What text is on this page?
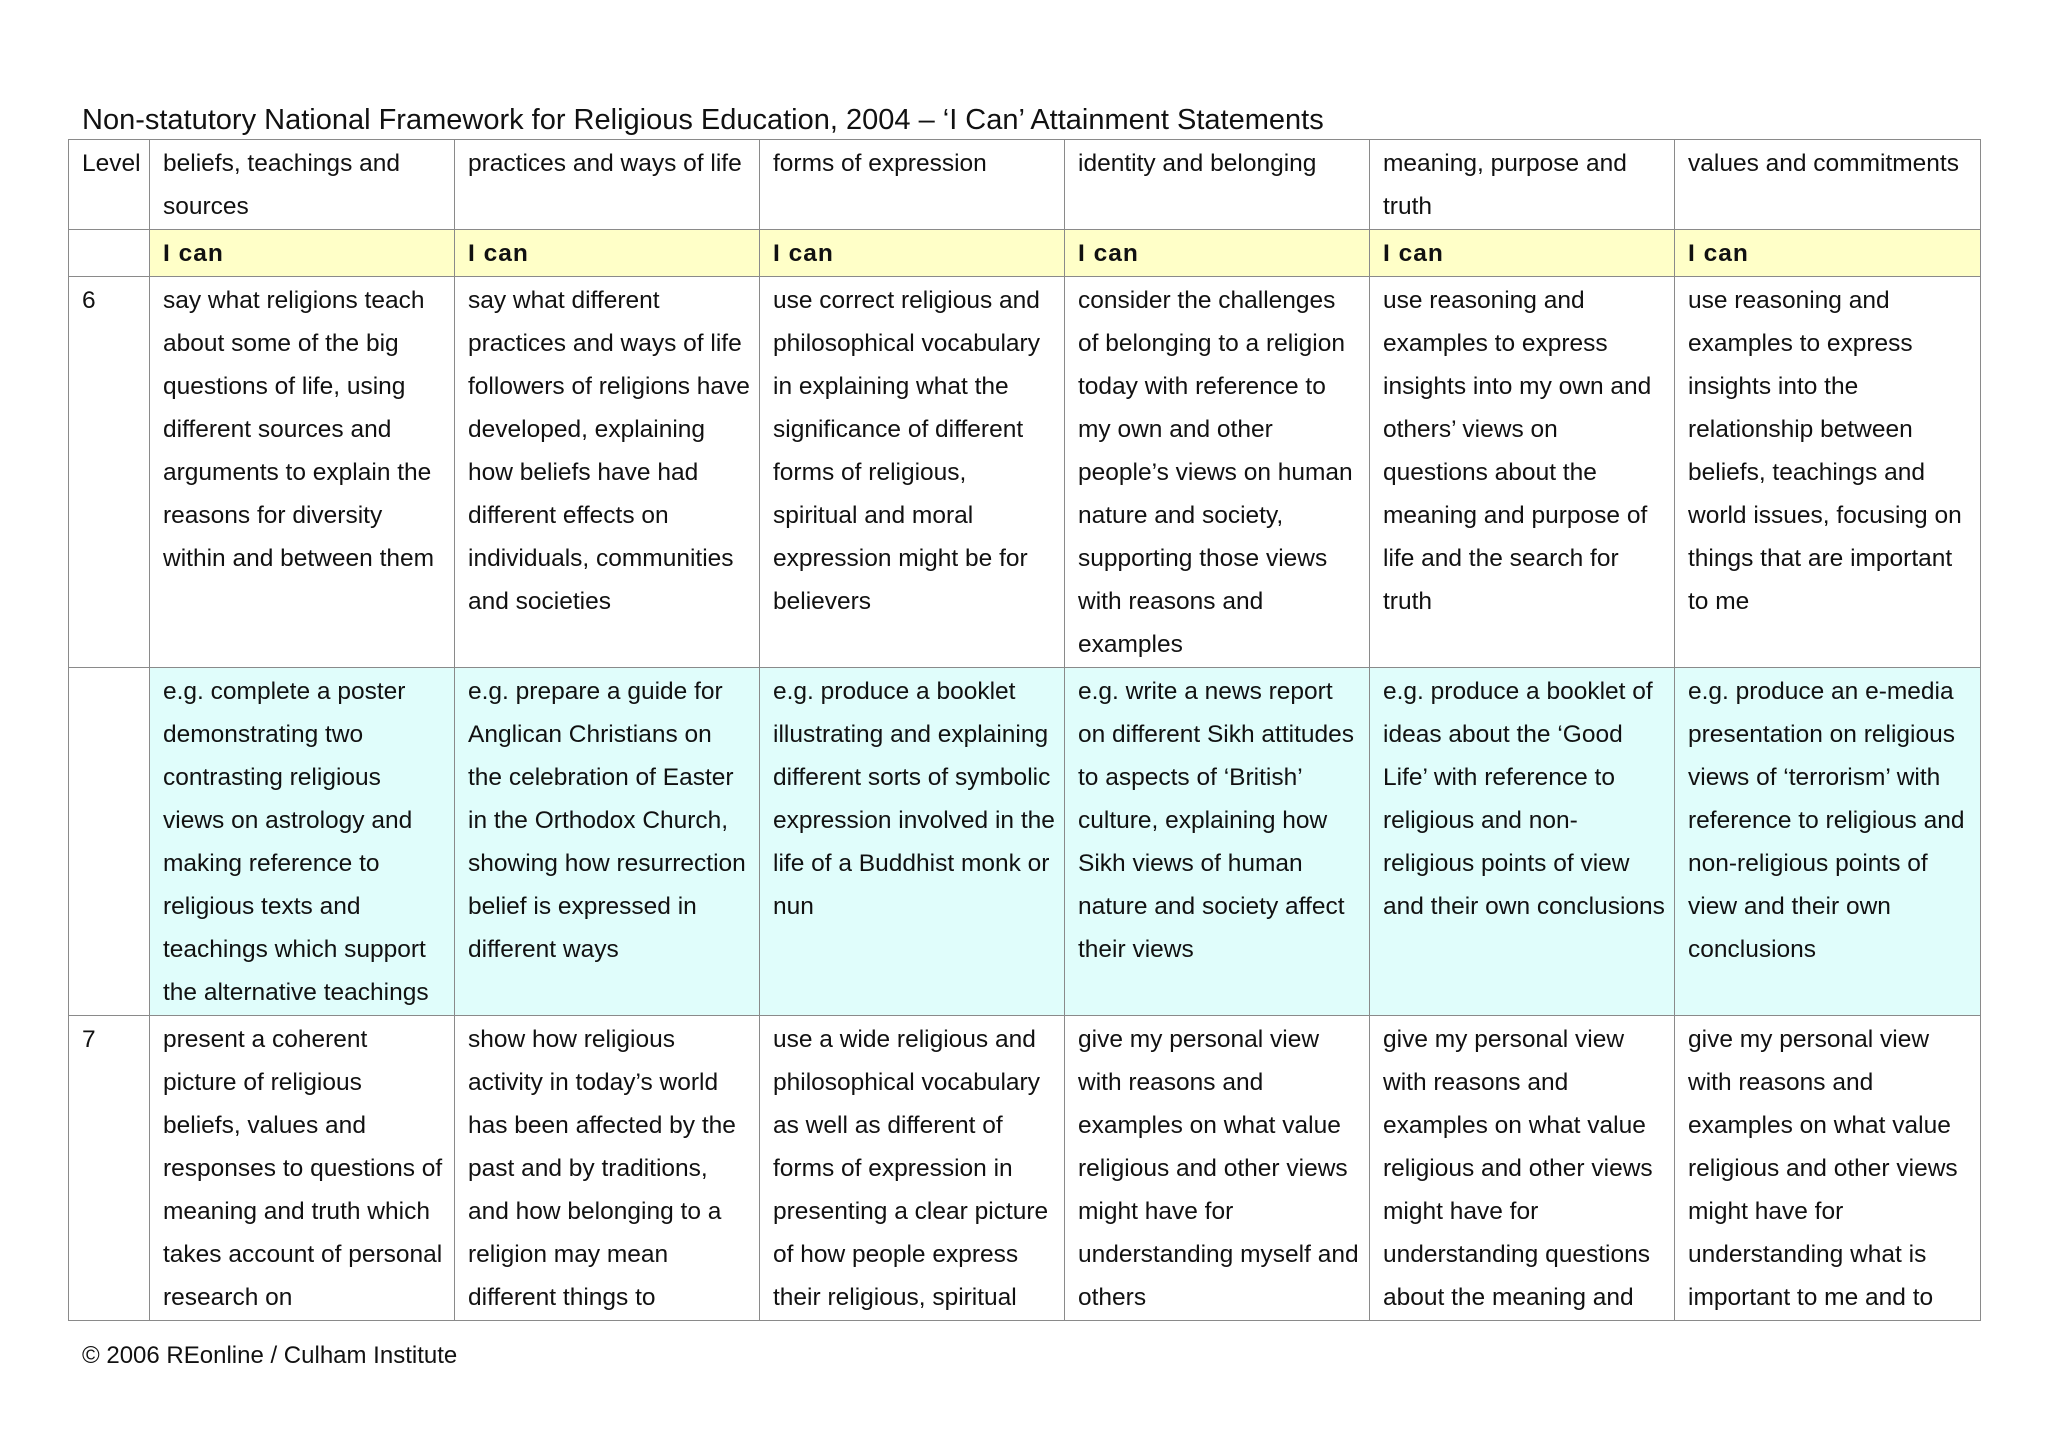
Non-statutory National Framework for Religious Education, 2004 – ‘I Can’ Attainment Statements
Level	beliefs, teachings and sources	practices and ways of life	forms of expression	identity and belonging	meaning, purpose and truth	values and commitments
	I can	I can	I can	I can	I can	I can
6	say what religions teach about some of the big questions of life, using different sources and arguments to explain the reasons for diversity within and between them	say what different practices and ways of life followers of religions have developed, explaining how beliefs have had different effects on individuals, communities and societies	use correct religious and philosophical vocabulary in explaining what the significance of different forms of religious, spiritual and moral expression might be for believers	consider the challenges of belonging to a religion today with reference to my own and other people’s views on human nature and society, supporting those views with reasons and examples	use reasoning and examples to express insights into my own and others’ views on questions about the meaning and purpose of life and the search for truth	use reasoning and examples to express insights into the relationship between beliefs, teachings and world issues, focusing on things that are important to me
	e.g. complete a poster demonstrating two contrasting religious views on astrology and making reference to religious texts and teachings which support the alternative teachings	e.g. prepare a guide for Anglican Christians on the celebration of Easter in the Orthodox Church, showing how resurrection belief is expressed in different ways	e.g. produce a booklet illustrating and explaining different sorts of symbolic expression involved in the life of a Buddhist monk or nun	e.g. write a news report on different Sikh attitudes to aspects of ‘British’ culture, explaining how Sikh views of human nature and society affect their views	e.g. produce a booklet of ideas about the ‘Good Life’ with reference to religious and non-religious points of view and their own conclusions	e.g. produce an e-media presentation on religious views of ‘terrorism’ with reference to religious and non-religious points of view and their own conclusions
7	present a coherent picture of religious beliefs, values and responses to questions of meaning and truth which takes account of personal research on	show how religious activity in today’s world has been affected by the past and by traditions, and how belonging to a religion may mean different things to	use a wide religious and philosophical vocabulary as well as different of forms of expression in presenting a clear picture of how people express their religious, spiritual	give my personal view with reasons and examples on what value religious and other views might have for understanding myself and others	give my personal view with reasons and examples on what value religious and other views might have for understanding questions about the meaning and	give my personal view with reasons and examples on what value religious and other views might have for understanding what is important to me and to
© 2006 REonline / Culham Institute
